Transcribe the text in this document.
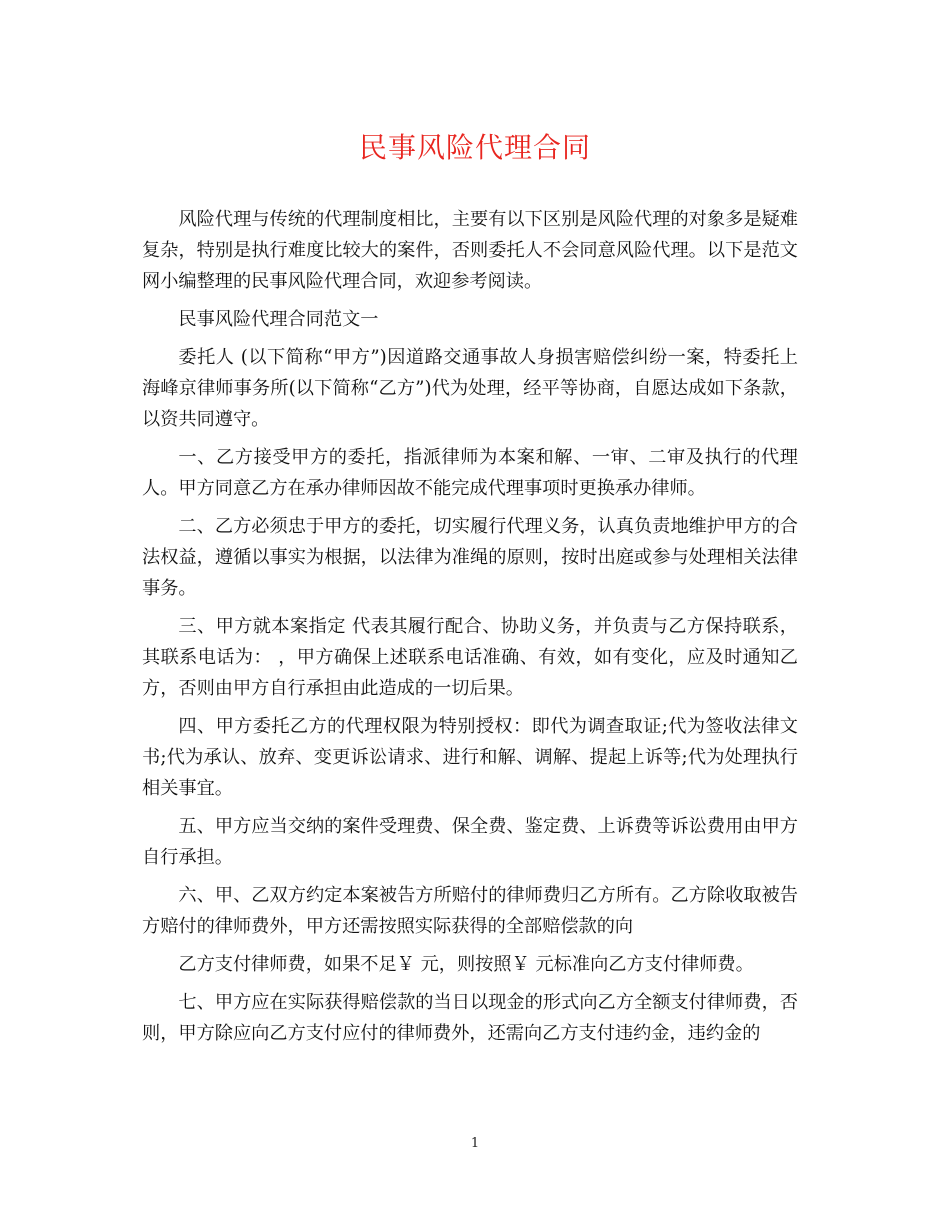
民事风险代理合同

风险代理与传统的代理制度相比，主要有以下区别是风险代理的对象多是疑难复杂，特别是执行难度比较大的案件，否则委托人不会同意风险代理。以下是范文网小编整理的民事风险代理合同，欢迎参考阅读。

民事风险代理合同范文一

委托人 (以下简称“甲方”)因道路交通事故人身损害赔偿纠纷一案，特委托上海峰京律师事务所(以下简称“乙方”)代为处理，经平等协商，自愿达成如下条款，以资共同遵守。

一、乙方接受甲方的委托，指派律师为本案和解、一审、二审及执行的代理人。甲方同意乙方在承办律师因故不能完成代理事项时更换承办律师。

二、乙方必须忠于甲方的委托，切实履行代理义务，认真负责地维护甲方的合法权益，遵循以事实为根据，以法律为准绳的原则，按时出庭或参与处理相关法律事务。

三、甲方就本案指定 代表其履行配合、协助义务，并负责与乙方保持联系，其联系电话为： ，甲方确保上述联系电话准确、有效，如有变化，应及时通知乙方，否则由甲方自行承担由此造成的一切后果。

四、甲方委托乙方的代理权限为特别授权：即代为调查取证;代为签收法律文书;代为承认、放弃、变更诉讼请求、进行和解、调解、提起上诉等;代为处理执行相关事宜。

五、甲方应当交纳的案件受理费、保全费、鉴定费、上诉费等诉讼费用由甲方自行承担。

六、甲、乙双方约定本案被告方所赔付的律师费归乙方所有。乙方除收取被告方赔付的律师费外，甲方还需按照实际获得的全部赔偿款的向

乙方支付律师费，如果不足￥ 元，则按照￥ 元标准向乙方支付律师费。

七、甲方应在实际获得赔偿款的当日以现金的形式向乙方全额支付律师费，否则，甲方除应向乙方支付应付的律师费外，还需向乙方支付违约金，违约金的

1
